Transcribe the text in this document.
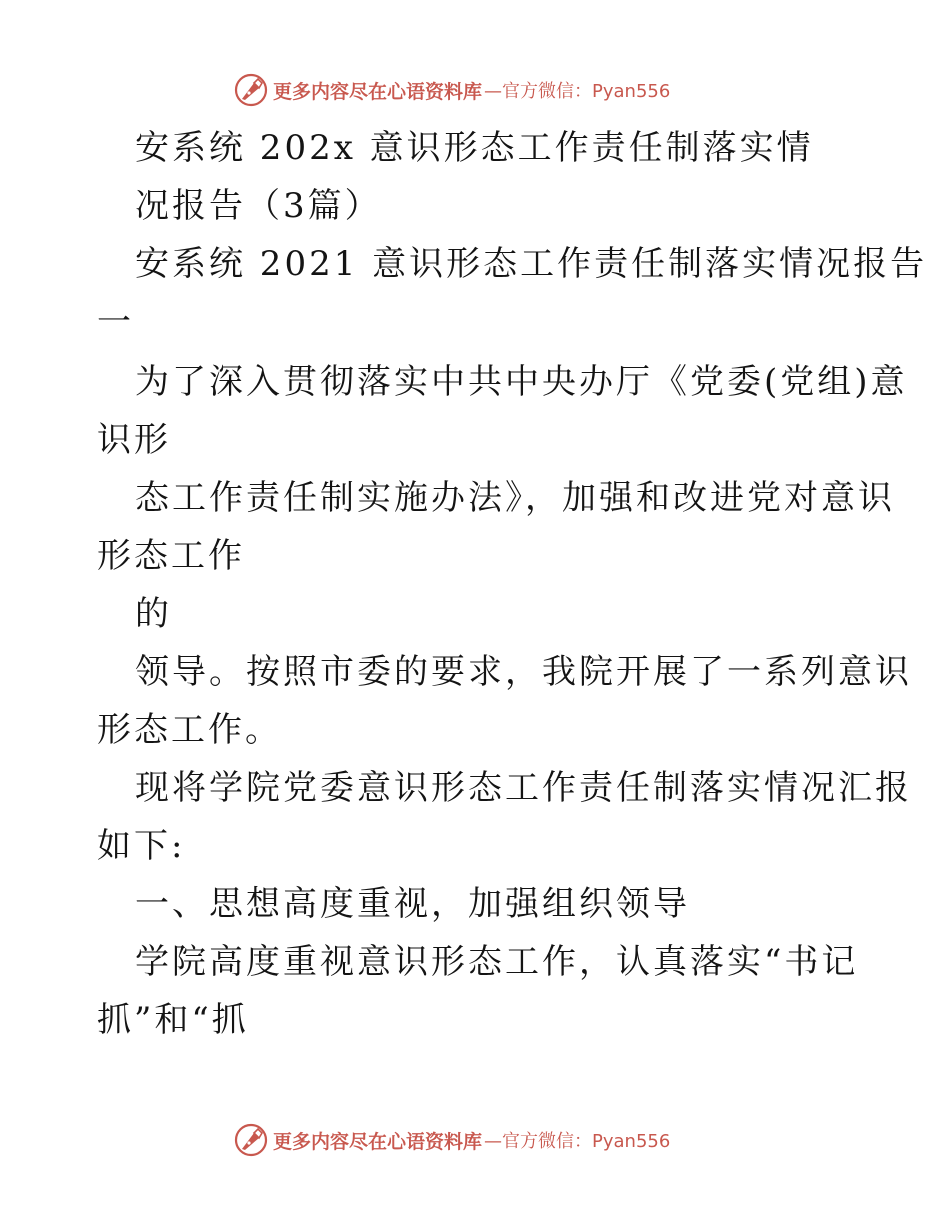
更多内容尽在心语资料库 —官方微信：Pyan556
安系统 202x 意识形态工作责任制落实情
况报告（3篇）
安系统 2021 意识形态工作责任制落实情况报告
一
为了深入贯彻落实中共中央办厅《党委(党组)意
识形
态工作责任制实施办法》，加强和改进党对意识
形态工作
的
领导。按照市委的要求，我院开展了一系列意识
形态工作。
现将学院党委意识形态工作责任制落实情况汇报
如下:
一、思想高度重视，加强组织领导
学院高度重视意识形态工作，认真落实“书记
抓”和“抓
更多内容尽在心语资料库 —官方微信：Pyan556
